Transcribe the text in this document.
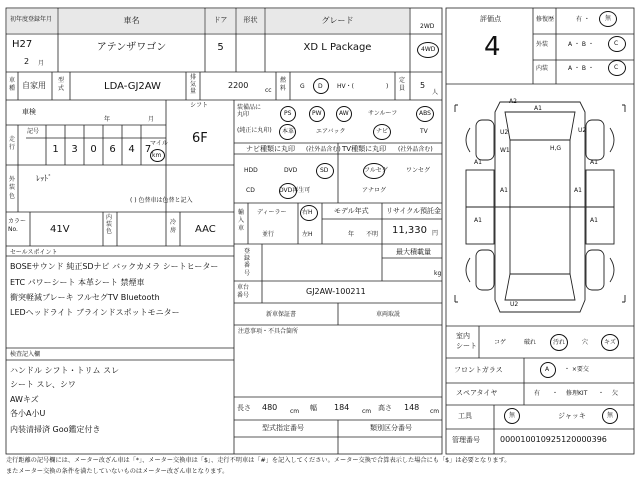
初年度登録年月	車名	ドア	形状	グレード
H27
2 月
アテンザワゴン	5	XD L Package
2WD
4WD
車
種 自家用
型
式	LDA-GJ2AW
排
気
量
2200
cc
燃
料 G D HV・(	)
定
員 5
人
車検
年	月
記号
走
行	1	3	0	6	4	7
マイル
km
シフト
6F
外
装
色
ﾚｯﾄﾞ
( ) 色替車は色替と記入
カラー
No.	41V
内
装
色
冷
房 AAC
セールスポイント
BOSEサウンド 純正SDナビ バックカメラ シートヒーター
ETC パワーシート 本革シート 禁煙車
衝突軽減ブレーキ フルセグTV Bluetooth
LEDヘッドライト ブラインドスポットモニター
検査記入欄
ハンドル シフト・トリム スレ
シート スレ、シワ
AWキズ
各小A小U
内装清掃済 Goo鑑定付き
装備品に
丸印
(純正に丸印)
PS	PW	AW	サンルーフ	ABS
本革	エアバック	ナビ	TV
ナビ種類に丸印 (社外品含む)
HDD	DVD	SD
CD	DVD再生可
TV種類に丸印 (社外品含む)
フルセグ	ワンセグ
アナログ
輸
入
車
ディーラー
並行
右H
左H
モデル年式
年 不明
リサイクル預託金
11,330 円
登
録
番
号
最大積載量
kg
車台
番号	GJ2AW-100211
新車保証書	車両取説
注意事項・不具合箇所
長さ 480 cm 幅 184 cm 高さ 148 cm
型式指定番号	類別区分番号
評価点
4
修復歴	有 ・	無
外装	A ・ B ・	C
内装	A ・ B ・	C
A2
A1
U2	U2
A1	A1
W1
A1	A1
H,G
A1	A1
U2
室内
シート	コゲ	破れ	汚れ	穴	キズ
フロントガラス	A ・ ×要交
スペアタイヤ	有 ・ 修理KIT ・ 欠
工具	無	ジャッキ	無
管理番号	000010010925120000396
走行距離の記号欄には、メーター改ざん車は「*」、メーター交換車は「$」、走行不明車は「#」を記入してください。メーター交換で合算表示した場合にも「$」は必要となります。
またメーター交換の条件を満たしていないものはメーター改ざん車となります。
